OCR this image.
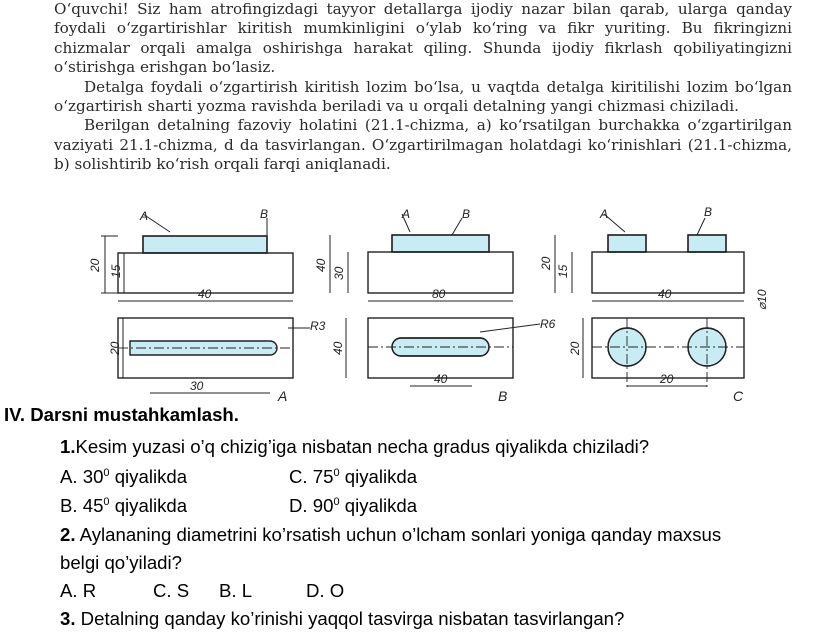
O‘quvchi! Siz ham atrofingizdagi tayyor detallarga ijodiy nazar bilan qarab, ularga qanday foydali o‘zgartirishlar kiritish mumkinligini o‘ylab ko‘ring va fikr yuriting. Bu fikringizni chizmalar orqali amalga oshirishga harakat qiling. Shunda ijodiy fikrlash qobiliyatingizni o‘stirishga erishgan bo‘lasiz.

Detalga foydali o‘zgartirish kiritish lozim bo‘lsa, u vaqtda detalga kiritilishi lozim bo‘lgan o‘zgartirish sharti yozma ravishda beriladi va u orqali detalning yangi chizmasi chiziladi.

Berilgan detalning fazoviy holatini (21.1-chizma, a) ko‘rsatilgan burchakka o‘zgartirilgan vaziyati 21.1-chizma, d da tasvirlangan. O‘zgartirilmagan holatdagi ko‘rinishlari (21.1-chizma, b) solishtirib ko‘rish orqali farqi aniqlanadi.

A	B
20 15
40
R3
20
30
A
A	B
40
30
80
R6
40
40
B
A	B
20
15
40	⌀10
20
20
C
IV. Darsni mustahkamlash.
1.Kesim yuzasi o’q chizig’iga nisbatan necha gradus qiyalikda chiziladi?
A. $30^0$ qiyalikda	C. $75^0$ qiyalikda
B. $45^0$ qiyalikda	D. $90^0$ qiyalikda
2. Aylananing diametrini ko’rsatish uchun o’lcham sonlari yoniga qanday maxsus
belgi qo’yiladi?
A. R	C. S B. L	D. O
3. Detalning qanday ko’rinishi yaqqol tasvirga nisbatan tasvirlangan?
